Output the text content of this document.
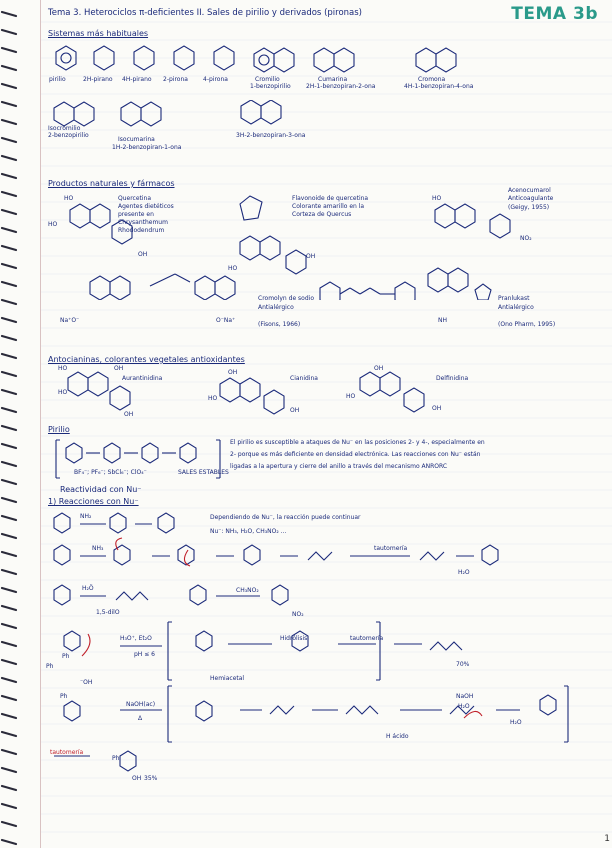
Tema 3. Heterociclos π-deficientes II. Sales de pirilio y derivados (pironas)	TEMA 3b
Sistemas más habituales
pirilio	2H-pirano 4H-pirano 2-pirona	4-pirona	Cromilio
1-benzopirilio
Cumarina
2H-1-benzopiran-2-ona
Cromona
4H-1-benzopiran-4-ona
Isocromilio
2-benzopirilio
Isocumarina
1H-2-benzopiran-1-ona
3H-2-benzopiran-3-ona
Productos naturales y fármacos
Quercetina
Agentes dietéticos
presente en
Chrysanthemum
Rhododendrum
Flavonoide de quercetina
Colorante amarillo en la
Corteza de Quercus
Acenocumarol
Anticoagulante
(Geigy, 1955)
Cromolyn de sodio
Antialérgico
(Fisons, 1966)
Pranlukast
Antialérgico
(Ono Pharm, 1995)
HO
HO
OH
HO
OH
HO
NO₂
Na⁺O⁻	O⁻Na⁺	NH
Antocianinas, colorantes vegetales antioxidantes
Aurantinidina	Cianidina	Delfinidina
HO
HO
OH
OH
HO
OH
OH
HO
OH
OH
Pirilio
BF₄⁻; PF₆⁻; SbCl₆⁻; ClO₄⁻	SALES ESTABLES
El pirilio es susceptible a ataques de Nu⁻ en las posiciones 2- y 4-, especialmente en
2- porque es más deficiente en densidad electrónica. Las reacciones con Nu⁻ están
ligadas a la apertura y cierre del anillo a través del mecanismo ANRORC
Reactividad con Nu⁻
1) Reacciones con Nu⁻
Dependiendo de Nu⁻, la reacción puede continuar
Nu⁻: NH₃, H₂O, CH₃NO₂ ...
NH₂
NH₃	tautomería
H₂O
H₂Ö
1,5-dilO
CH₃NO₂
NO₂
H₃O⁺, Et₂O
pH ≤ 6
Hidrólisis
Hemiacetal
tautomería
70%
⁻OH
NaOH(ac)
Δ
NaOH
H₂O
H ácido
H₂O
tautomería
35%
OH
Ph
Ph
Ph
Ph
1
